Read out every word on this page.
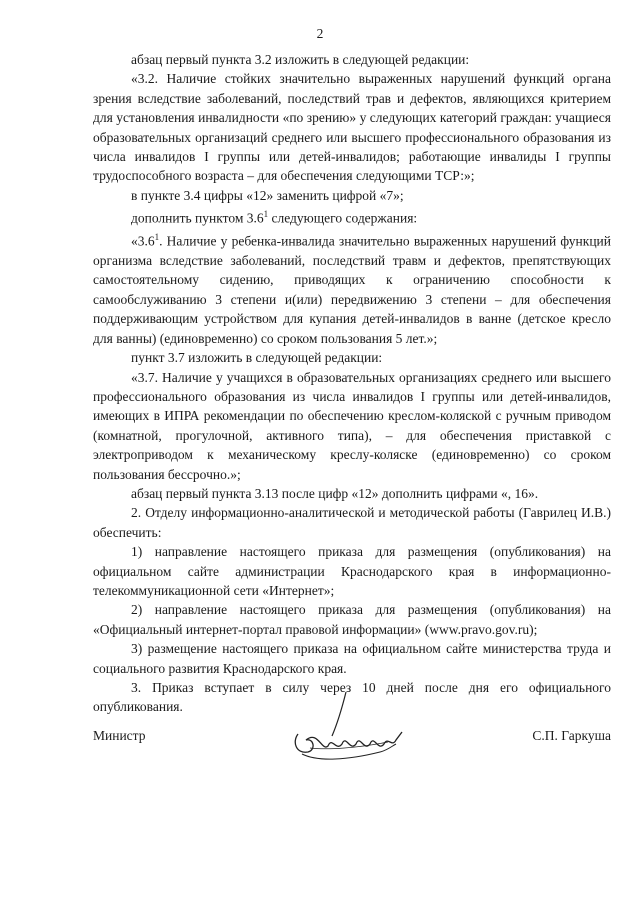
2

абзац первый пункта 3.2 изложить в следующей редакции:

«3.2. Наличие стойких значительно выраженных нарушений функций органа зрения вследствие заболеваний, последствий трав и дефектов, являющихся критерием для установления инвалидности «по зрению» у следующих категорий граждан: учащиеся образовательных организаций среднего или высшего профессионального образования из числа инвалидов I группы или детей-инвалидов; работающие инвалиды I группы трудоспособного возраста – для обеспечения следующими ТСР:»;

в пункте 3.4 цифры «12» заменить цифрой «7»;

дополнить пунктом $3.6^1$ следующего содержания:

«$3.6^1$. Наличие у ребенка-инвалида значительно выраженных нарушений функций организма вследствие заболеваний, последствий травм и дефектов, препятствующих самостоятельному сидению, приводящих к ограничению способности к самообслуживанию 3 степени и(или) передвижению 3 степени – для обеспечения поддерживающим устройством для купания детей-инвалидов в ванне (детское кресло для ванны) (единовременно) со сроком пользования 5 лет.»;

пункт 3.7 изложить в следующей редакции:

«3.7. Наличие у учащихся в образовательных организациях среднего или высшего профессионального образования из числа инвалидов I группы или детей-инвалидов, имеющих в ИПРА рекомендации по обеспечению креслом-коляской с ручным приводом (комнатной, прогулочной, активного типа), – для обеспечения приставкой с электроприводом к механическому креслу-коляске (единовременно) со сроком пользования бессрочно.»;

абзац первый пункта 3.13 после цифр «12» дополнить цифрами «, 16».

2. Отделу информационно-аналитической и методической работы (Гаврилец И.В.) обеспечить:

1) направление настоящего приказа для размещения (опубликования) на официальном сайте администрации Краснодарского края в информационно-телекоммуникационной сети «Интернет»;

2) направление настоящего приказа для размещения (опубликования) на «Официальный интернет-портал правовой информации» (www.pravo.gov.ru);

3) размещение настоящего приказа на официальном сайте министерства труда и социального развития Краснодарского края.

3. Приказ вступает в силу через 10 дней после дня его официального опубликования.

Министр	С.П. Гаркуша
